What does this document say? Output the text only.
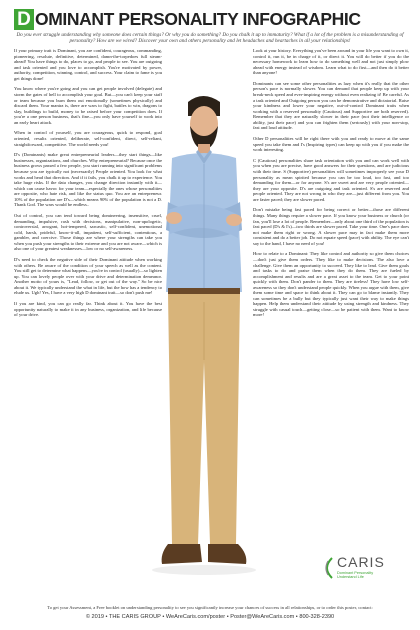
D OMINANT PERSONALITY INFOGRAPHIC
Do you ever struggle understanding why someone does certain things? Or why you do something? Do you chalk it up to immaturity? What if a lot of the problem is a misunderstanding of personality? How are we wired? Discover your own and others personality and let headaches and heartaches in all your relationships!

If your primary trait is Dominant, you are confident, courageous, commanding, pioneering, resolute, definitive, determined, damn-the-torpedoes full steam-ahead! You have things to do, places to go, and people to see. You are outgoing and task oriented and you love to accomplish. You're motivated by power, authority, competition, winning, control, and success. Your claim to fame is you get things done!

You know where you're going and you can get people involved (delegate) and storm the gates of hell to accomplish your goal. But—you can't keep your staff or team because you burn them out emotionally (sometimes physically) and discard them. Your mantra is, there are wars to fight, battles to win, dragons to slay, buildings to build, money to be raised before your competition does. If you're a one person business, that's fine—you only have yourself to work into an early heart attack.

When in control of yourself, you are courageous, quick to respond, goal oriented, results oriented, deliberate, self-confident, direct, self-reliant, straightforward, competitive. The world needs you!

D's (Dominants) make great entrepreneurial leaders—they start things—like businesses, organizations, and churches. Why entrepreneurial? Because once the business grows passed a few people, you start running into significant problems because you are typically not (necessarily) People oriented. You look for what works and head that direction. And if it fails, you chalk it up to experience. You take huge risks. If the data changes, you change direction instantly with it—which can cause havoc for your team—especially the ones whose personalities are opposite, who hate risk, and like the status quo. You are an entrepreneur. 10% of the population are D's—which means 90% of the population is not a D. Thank God. The wars would be endless..

Out of control, you can tend toward being domineering, insensitive, cruel, demanding, impulsive, rash with decisions, manipulative, non-apologetic, controversial, arrogant, hot-tempered, sarcastic, self-confident, unemotional cold, harsh, prideful, know-it-all, impatient, self-sufficient, contentious, a gambler, and coercive. Those things are where your strengths can take you when you push your strengths to their extreme and you are not aware—which is also one of your greatest weaknesses—low or no self-awareness.

D's need to check the negative side of their Dominant attitude when working with others. Be aware of the condition of your speech as well as the content. You still get to determine what happens—you're in control (usually)—so lighten up. You can lovely people over with your drive and determination demeanor. Another motto of yours is, "Lead, follow, or get out of the way." So be nice about it. We typically understand the what in life, but the how has a tendency to elude us. Ugh! Yes, I have a very high D dominant trait—so don't push me!

If you are kind, you can go really far. Think about it. You have the best opportunity naturally to make it in any business, organization, and life because of your drive.

Look at your history. Everything you've been around in your life you want to own it, control it, run it, be in charge of it, or direct it. You will do better if you do the necessary homework to learn how to do something well and not just simply plow ahead with energy instead of wisdom. Learn what to do first—and then do it better than anyone!

Dominants can see some other personalities as lazy when it's really that the other person's pace is normally slower. You can demand that people keep up with your break-neck speed and ever-inspiring energy without even realizing it! Be careful. As a task oriented and Outgoing person you can be demonstrative and dictatorial. Raise your kindness and lower your negative, out-of-control Dominant traits when working with a reserved personality (Cautious) and Supportive are both reserved). Remember that they are naturally slower in their pace (not their intelligence or ability, just their pace) and you can frighten them (seriously) with your non-stop, fast and loud attitude.

Other D personalities will be right there with you and ready to move at the same speed you take them and I's (Inspiring types) can keep up with you if you make the work interesting.

C (Cautious) personalities share task orientation with you and can work well with you when you are precise, have good answers for their questions, and are judicious with their time. S (Supportive) personalities will sometimes improperly see your D personality as mean spirited because you can be too loud, too fast, and too demanding for them—or for anyone. S's are sweet and are very people oriented—they are your opposite. D's are outgoing and task oriented. S's are reserved and people oriented. They are not wrong in who they are—just different from you. You are faster paced; they are slower paced.

Don't mistake being fast paced for being correct or better—those are different things. Many things require a slower pace. If you know your business or church (or fan, you'll lose a lot of people. Remember—only about one third of the population is fast paced (D's & I's)—two thirds are slower paced. Take your time. One's pace does not make them right or wrong. A slower pace may in fact make them more consistent and do a better job. Do not equate speed (pace) with ability. The eye can't say to the hand, I have no need of you!

How to relate to a Dominant: They like control and authority so give them choices—don't just give them orders. They like to make decisions. The also love a challenge. Give them an opportunity to succeed. They like to lead. Give them goals and tasks to do and praise them when they do them. They are fueled by accomplishment and results and are a great asset to the team. Get to your point quickly with them. Don't pander to them. They are tireless! They have low self-awareness so they don't understand people quickly. When you argue with them, give them some time and space to think about it. They can go to blame instantly. They can sometimes be a bully but they typically just want their way to make things happen. Help them understand their attitude by using strength and kindness. They struggle with casual touch—getting close—so be patient with them. Want to know more!

CARIS
Dominant Personality
Understand Life
To get your Assessment, a Free booklet on understanding personality to see you significantly increase your chances of success in all relationships, or to order this poster, contact:
© 2019 • THE CARIS GROUP • WeAreCaris.com/poster • Poster@WeAreCaris.com • 800-328-2390
